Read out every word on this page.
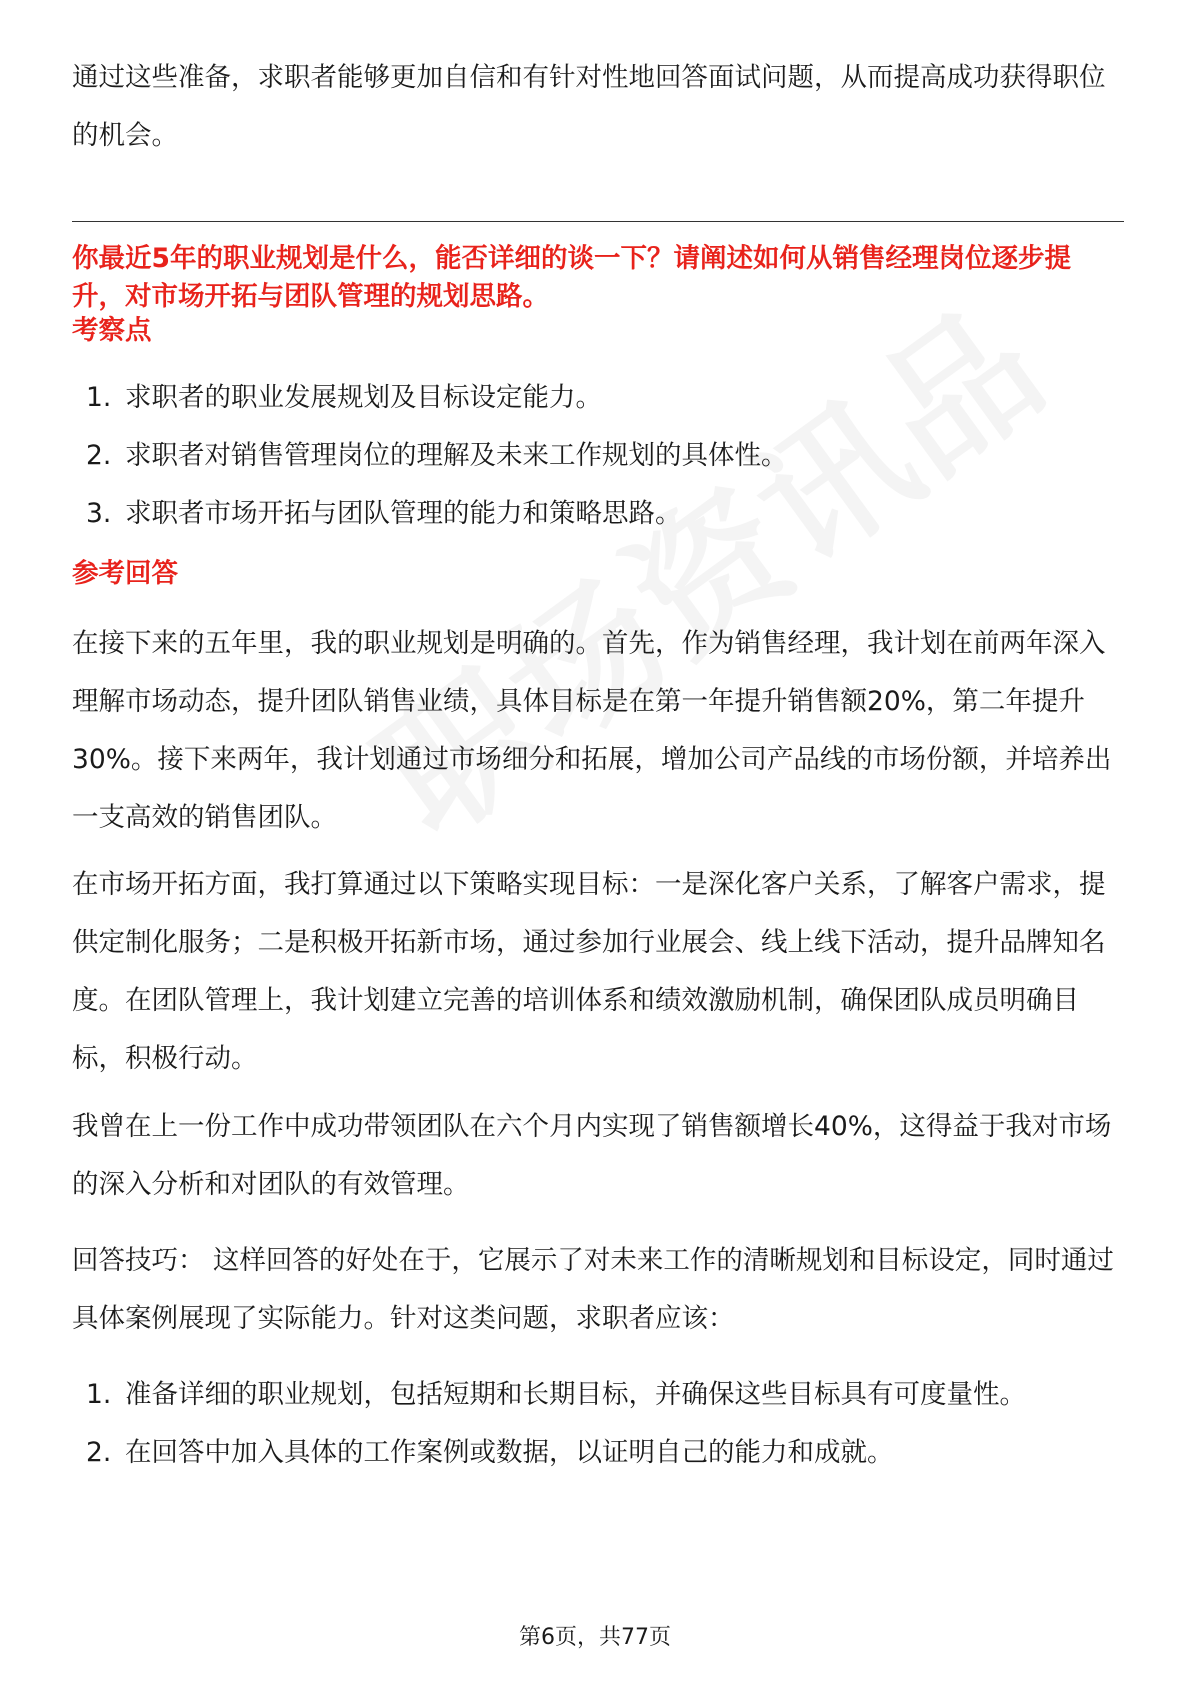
通过这些准备，求职者能够更加自信和有针对性地回答面试问题，从而提高成功获得职位的机会。

你最近5年的职业规划是什么，能否详细的谈一下？请阐述如何从销售经理岗位逐步提升，对市场开拓与团队管理的规划思路。

考察点

1. 求职者的职业发展规划及目标设定能力。
2. 求职者对销售管理岗位的理解及未来工作规划的具体性。
3. 求职者市场开拓与团队管理的能力和策略思路。

参考回答

在接下来的五年里，我的职业规划是明确的。首先，作为销售经理，我计划在前两年深入理解市场动态，提升团队销售业绩，具体目标是在第一年提升销售额20%，第二年提升30%。接下来两年，我计划通过市场细分和拓展，增加公司产品线的市场份额，并培养出一支高效的销售团队。

在市场开拓方面，我打算通过以下策略实现目标：一是深化客户关系，了解客户需求，提供定制化服务；二是积极开拓新市场，通过参加行业展会、线上线下活动，提升品牌知名度。在团队管理上，我计划建立完善的培训体系和绩效激励机制，确保团队成员明确目标，积极行动。

我曾在上一份工作中成功带领团队在六个月内实现了销售额增长40%，这得益于我对市场的深入分析和对团队的有效管理。

回答技巧： 这样回答的好处在于，它展示了对未来工作的清晰规划和目标设定，同时通过具体案例展现了实际能力。针对这类问题，求职者应该：

1. 准备详细的职业规划，包括短期和长期目标，并确保这些目标具有可度量性。
2. 在回答中加入具体的工作案例或数据，以证明自己的能力和成就。
第6页，共77页
